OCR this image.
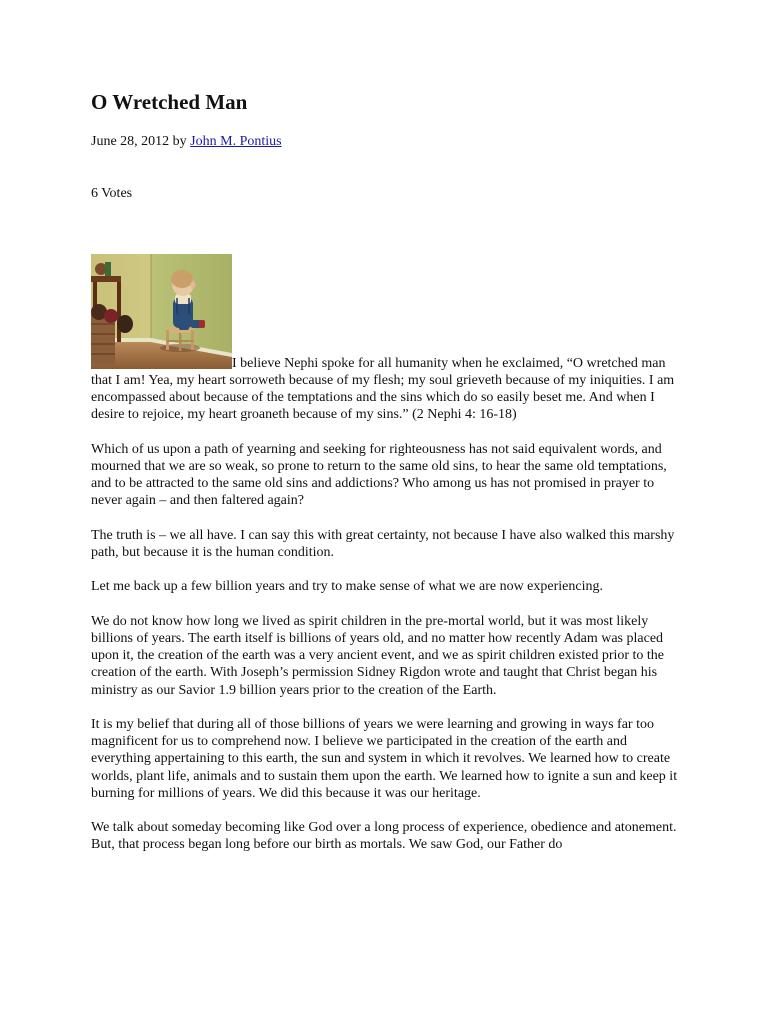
O Wretched Man
June 28, 2012 by John M. Pontius
6 Votes

I believe Nephi spoke for all humanity when he exclaimed, “O wretched man that I am! Yea, my heart sorroweth because of my flesh; my soul grieveth because of my iniquities. I am encompassed about because of the temptations and the sins which do so easily beset me. And when I desire to rejoice, my heart groaneth because of my sins.” (2 Nephi 4: 16-18)

Which of us upon a path of yearning and seeking for righteousness has not said equivalent words, and mourned that we are so weak, so prone to return to the same old sins, to hear the same old temptations, and to be attracted to the same old sins and addictions? Who among us has not promised in prayer to never again – and then faltered again?

The truth is – we all have. I can say this with great certainty, not because I have also walked this marshy path, but because it is the human condition.

Let me back up a few billion years and try to make sense of what we are now experiencing.

We do not know how long we lived as spirit children in the pre-mortal world, but it was most likely billions of years. The earth itself is billions of years old, and no matter how recently Adam was placed upon it, the creation of the earth was a very ancient event, and we as spirit children existed prior to the creation of the earth. With Joseph’s permission Sidney Rigdon wrote and taught that Christ began his ministry as our Savior 1.9 billion years prior to the creation of the Earth.

It is my belief that during all of those billions of years we were learning and growing in ways far too magnificent for us to comprehend now. I believe we participated in the creation of the earth and everything appertaining to this earth, the sun and system in which it revolves. We learned how to create worlds, plant life, animals and to sustain them upon the earth. We learned how to ignite a sun and keep it burning for millions of years. We did this because it was our heritage.

We talk about someday becoming like God over a long process of experience, obedience and atonement. But, that process began long before our birth as mortals. We saw God, our Father do
